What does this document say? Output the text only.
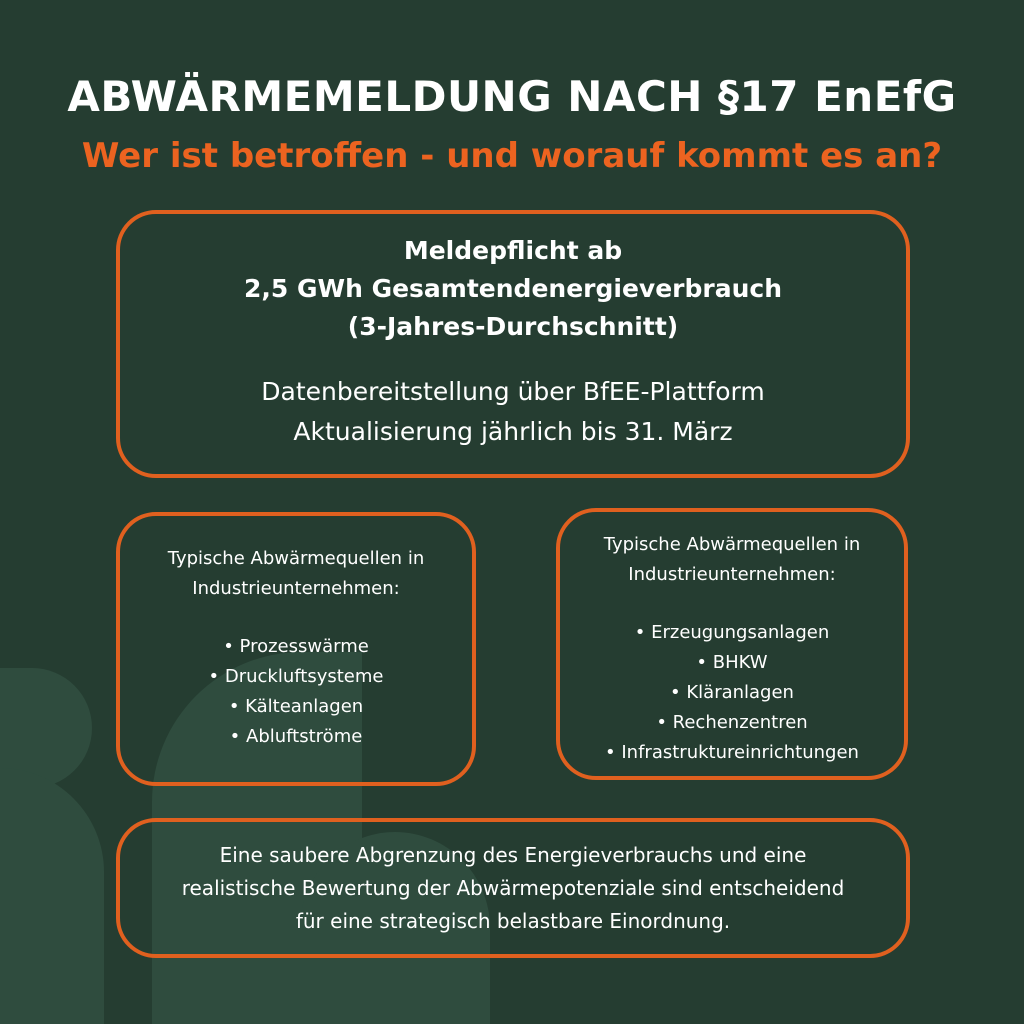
ABWÄRMEMELDUNG NACH §17 EnEfG
Wer ist betroffen - und worauf kommt es an?
Meldepflicht ab
2,5 GWh Gesamtendenergieverbrauch
(3-Jahres-Durchschnitt)
Datenbereitstellung über BfEE-Plattform
Aktualisierung jährlich bis 31. März
Typische Abwärmequellen in
Industrieunternehmen:
• Prozesswärme
• Druckluftsysteme
• Kälteanlagen
• Abluftströme
Typische Abwärmequellen in
Industrieunternehmen:
• Erzeugungsanlagen
• BHKW
• Kläranlagen
• Rechenzentren
• Infrastruktureinrichtungen
Eine saubere Abgrenzung des Energieverbrauchs und eine
realistische Bewertung der Abwärmepotenziale sind entscheidend
für eine strategisch belastbare Einordnung.
